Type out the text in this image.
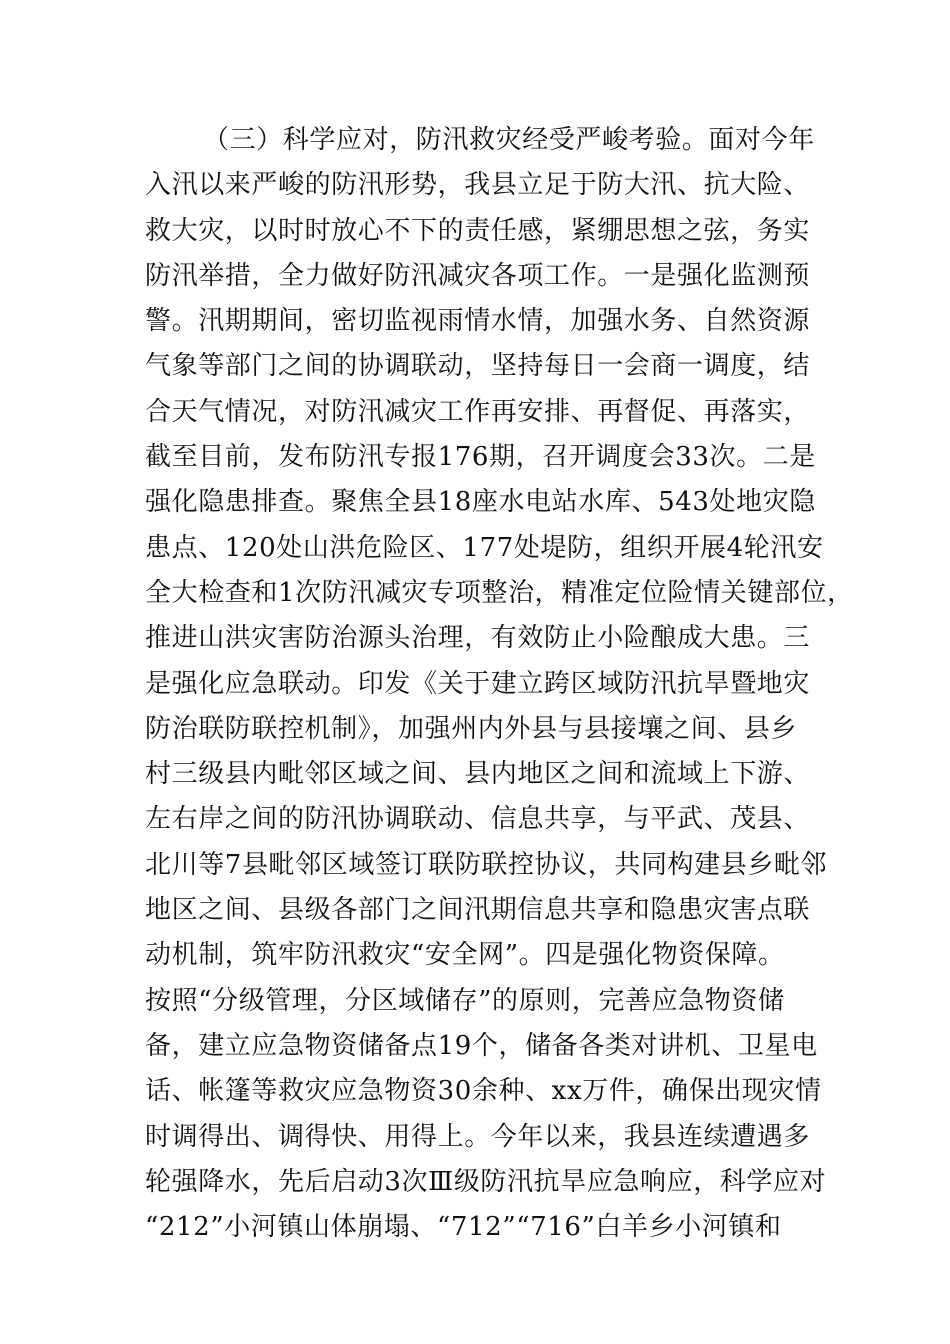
（三）科学应对，防汛救灾经受严峻考验。面对今年
入汛以来严峻的防汛形势，我县立足于防大汛、抗大险、
救大灾，以时时放心不下的责任感，紧绷思想之弦，务实
防汛举措，全力做好防汛减灾各项工作。一是强化监测预
警。汛期期间，密切监视雨情水情，加强水务、自然资源
气象等部门之间的协调联动，坚持每日一会商一调度，结
合天气情况，对防汛减灾工作再安排、再督促、再落实，
截至目前，发布防汛专报176期，召开调度会33次。二是
强化隐患排查。聚焦全县18座水电站水库、543处地灾隐
患点、120处山洪危险区、177处堤防，组织开展4轮汛安
全大检查和1次防汛减灾专项整治，精准定位险情关键部位，
推进山洪灾害防治源头治理，有效防止小险酿成大患。三
是强化应急联动。印发《关于建立跨区域防汛抗旱暨地灾
防治联防联控机制》，加强州内外县与县接壤之间、县乡
村三级县内毗邻区域之间、县内地区之间和流域上下游、
左右岸之间的防汛协调联动、信息共享，与平武、茂县、
北川等7县毗邻区域签订联防联控协议，共同构建县乡毗邻
地区之间、县级各部门之间汛期信息共享和隐患灾害点联
动机制，筑牢防汛救灾“安全网”。四是强化物资保障。
按照“分级管理，分区域储存”的原则，完善应急物资储
备，建立应急物资储备点19个，储备各类对讲机、卫星电
话、帐篷等救灾应急物资30余种、xx万件，确保出现灾情
时调得出、调得快、用得上。今年以来，我县连续遭遇多
轮强降水，先后启动3次Ⅲ级防汛抗旱应急响应，科学应对
“212”小河镇山体崩塌、“712”“716”白羊乡小河镇和
